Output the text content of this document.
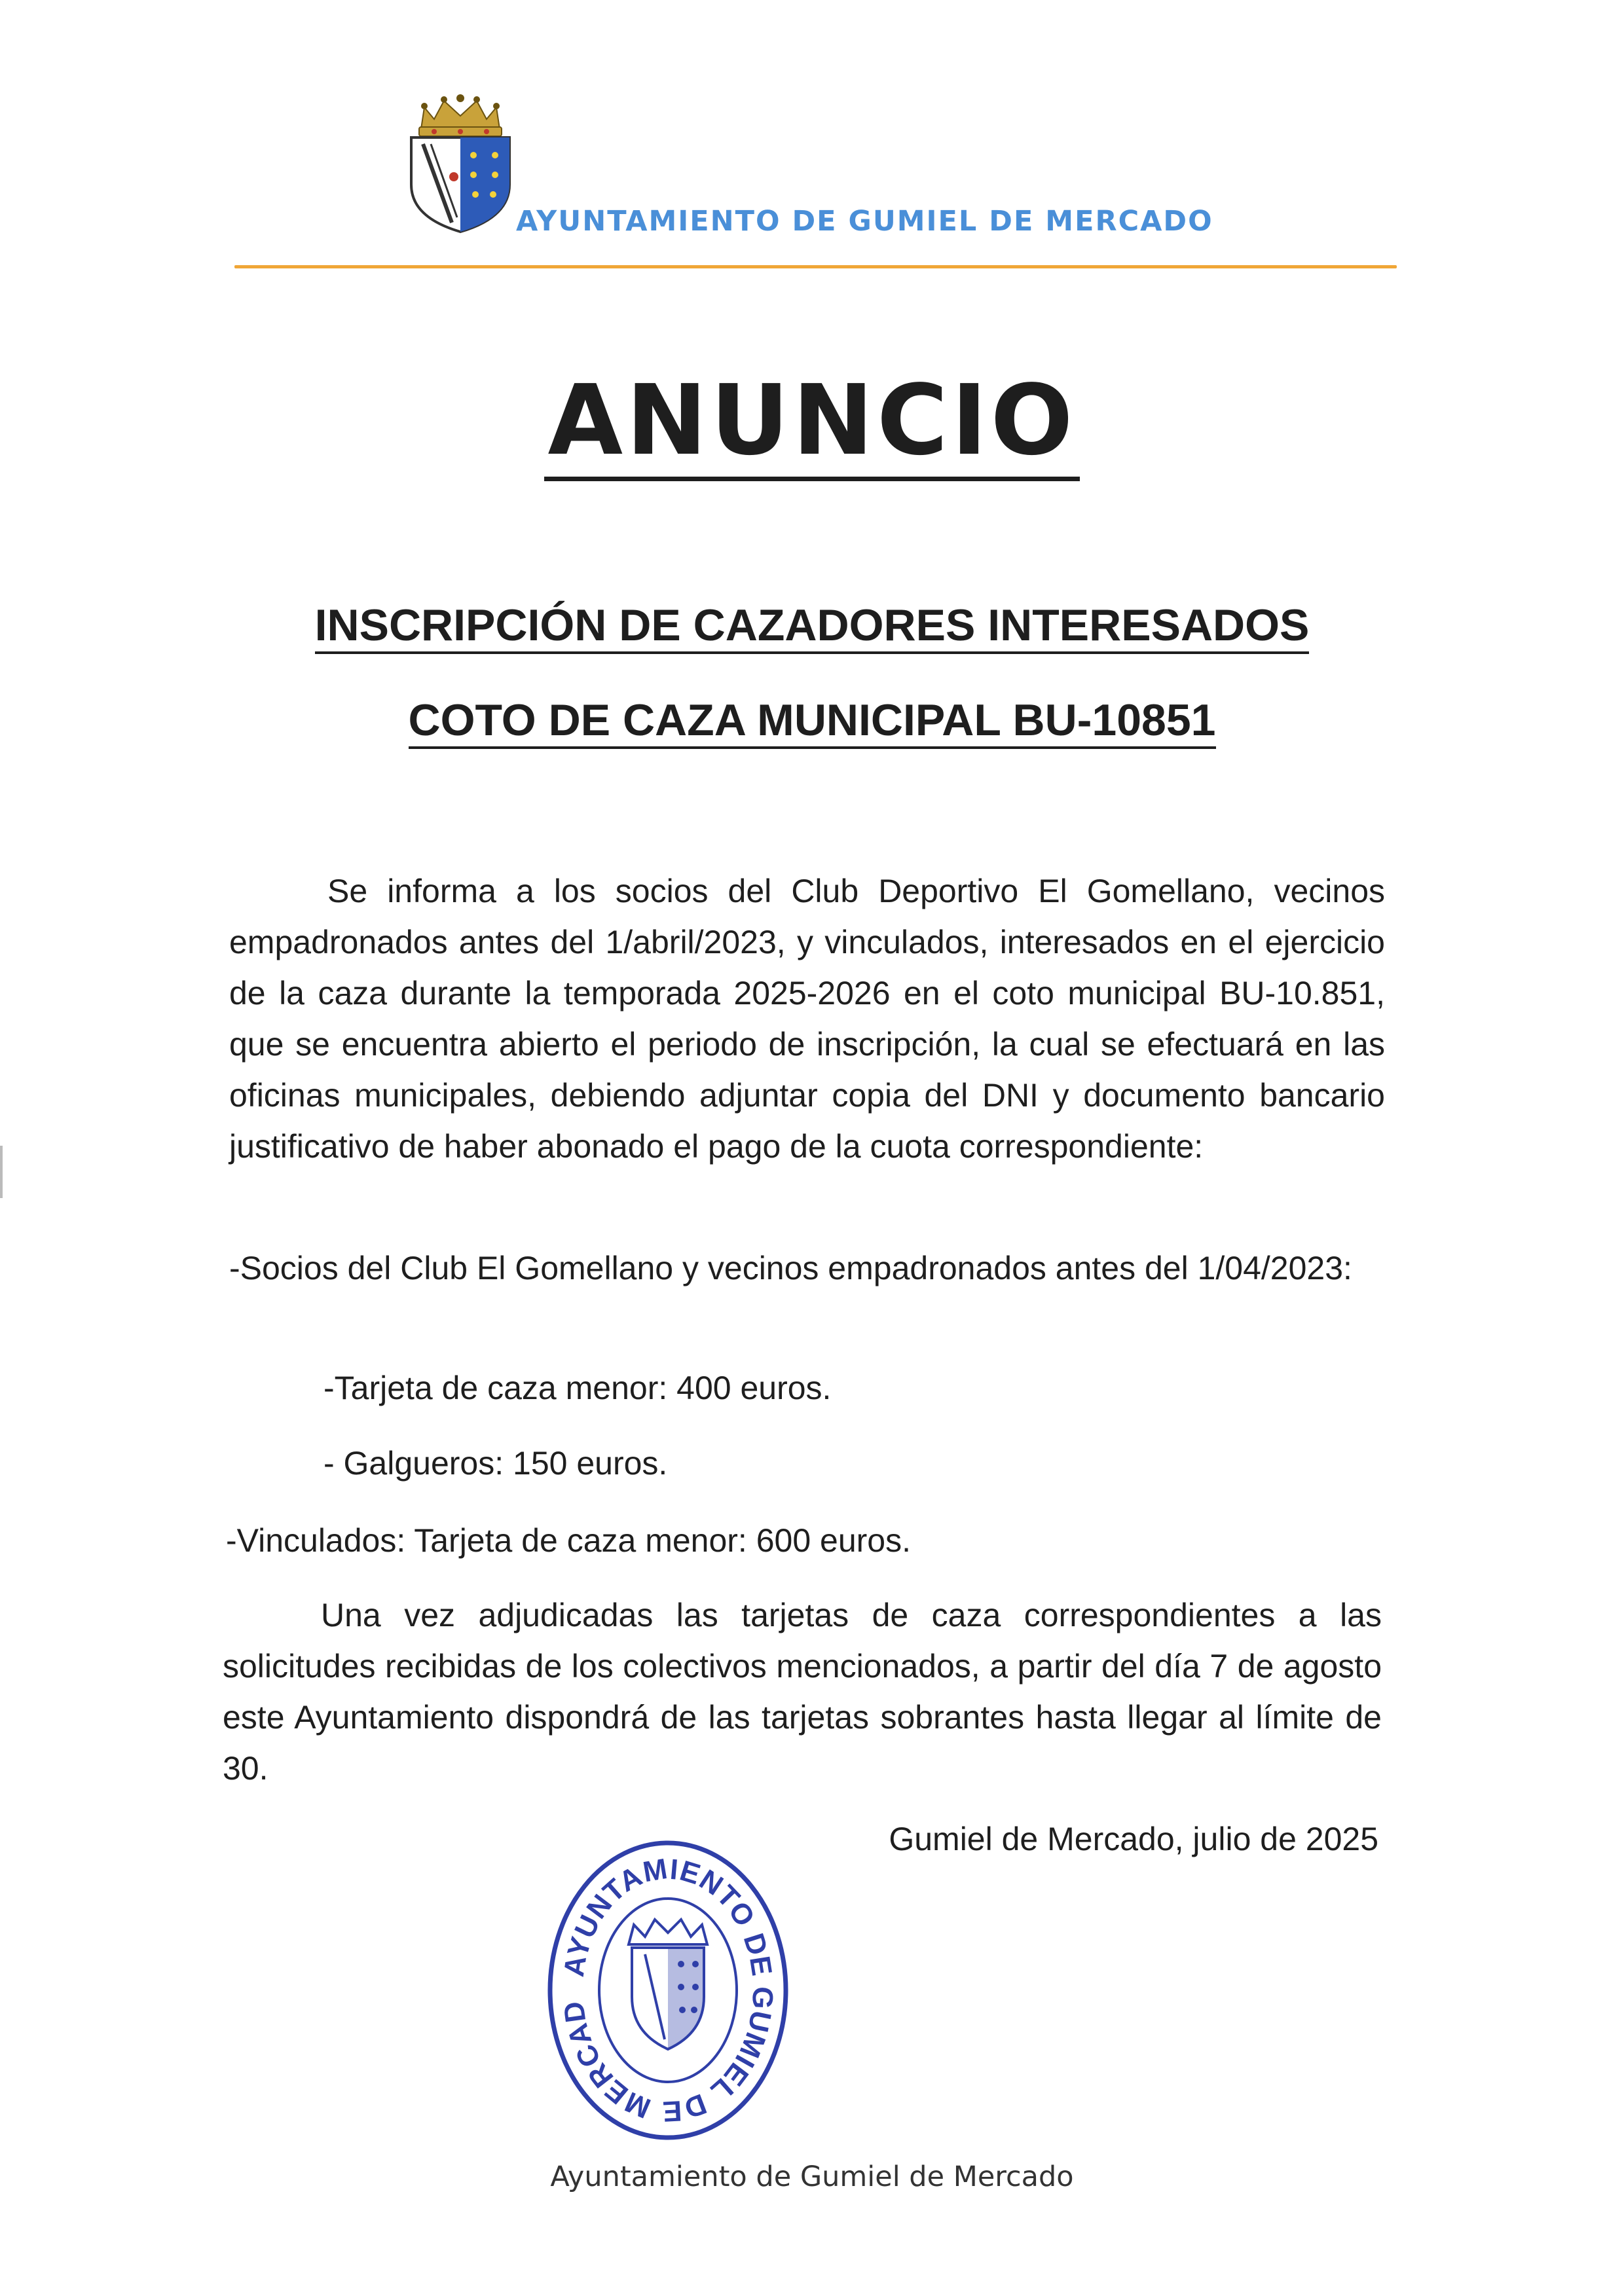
AYUNTAMIENTO DE GUMIEL DE MERCADO
ANUNCIO
INSCRIPCIÓN DE CAZADORES INTERESADOS
COTO DE CAZA MUNICIPAL BU-10851
Se informa a los socios del Club Deportivo El Gomellano, vecinos empadronados antes del 1/abril/2023, y vinculados, interesados en el ejercicio de la caza durante la temporada 2025-2026 en el coto municipal BU-10.851, que se encuentra abierto el periodo de inscripción, la cual se efectuará en las oficinas municipales, debiendo adjuntar copia del DNI y documento bancario justificativo de haber abonado el pago de la cuota correspondiente:
-Socios del Club El Gomellano y vecinos empadronados antes del 1/04/2023:
-Tarjeta de caza menor: 400 euros.
- Galgueros: 150 euros.
-Vinculados: Tarjeta de caza menor: 600 euros.
Una vez adjudicadas las tarjetas de caza correspondientes a las solicitudes recibidas de los colectivos mencionados, a partir del día 7 de agosto este Ayuntamiento dispondrá de las tarjetas sobrantes hasta llegar al límite de 30.
Gumiel de Mercado, julio de 2025
AYUNTAMIENTO DE GUMIEL DE MERCAD
Ayuntamiento de Gumiel de Mercado
